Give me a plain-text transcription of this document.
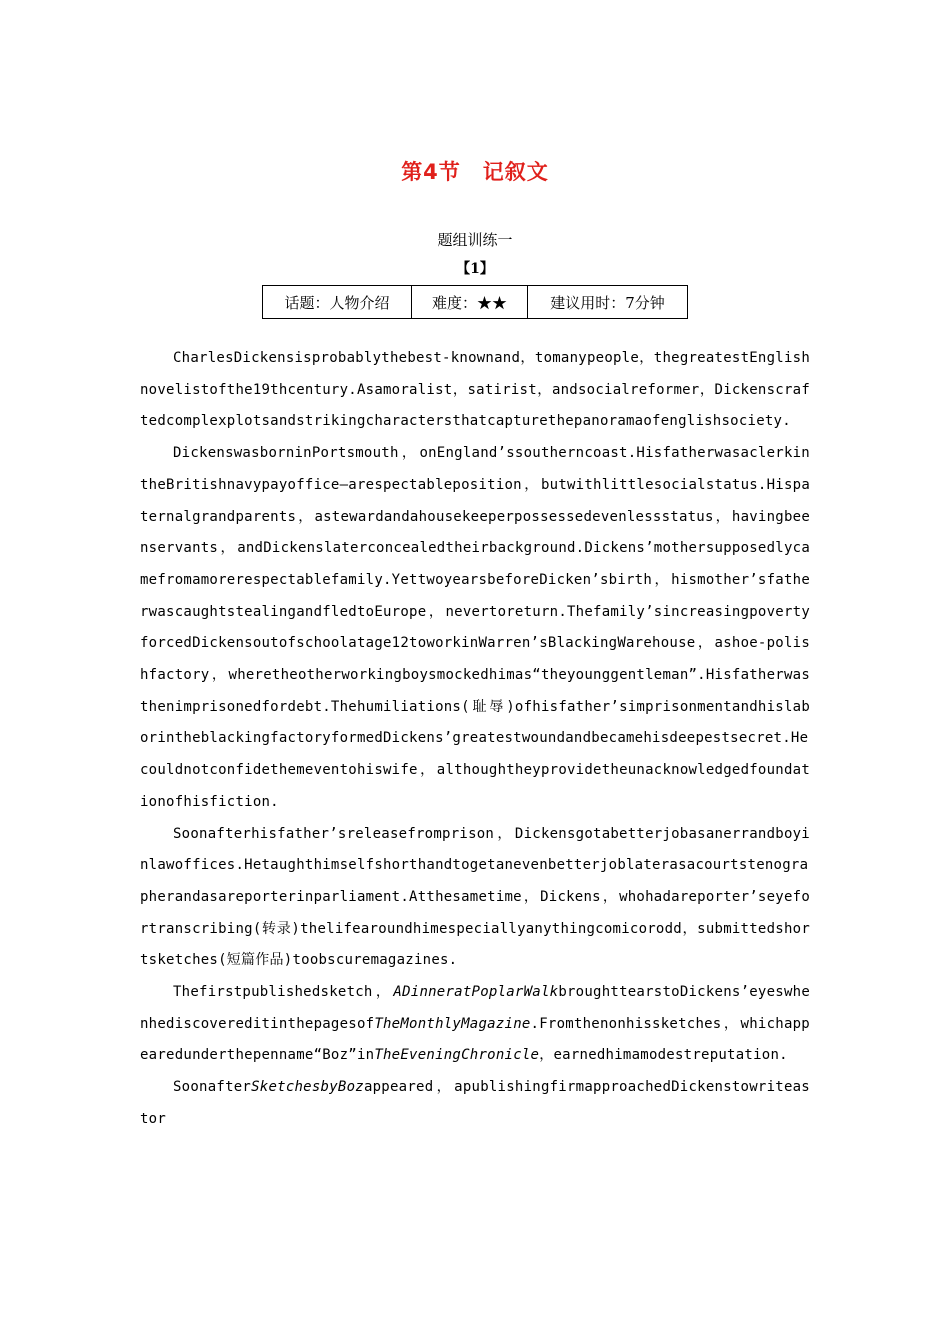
第4节　记叙文
题组训练一
【1】
话题：人物介绍	难度：★★	建议用时：7分钟

CharlesDickensisprobablythebest-knownand，tomanypeople，thegreatestEnglishnovelistofthe19thcentury.Asamoralist，satirist，andsocialreformer，Dickenscraftedcomplexplotsandstrikingcharactersthatcapturethepanoramaofenglishsociety.

DickenswasborninPortsmouth，onEngland’ssoutherncoast.HisfatherwasaclerkintheBritishnavypayoffice—arespectableposition，butwithlittlesocialstatus.Hispaternalgrandparents，astewardandahousekeeperpossessedevenlessstatus，havingbeenservants，andDickenslaterconcealedtheirbackground.Dickens’mothersupposedlycamefromamorerespectablefamily.YettwoyearsbeforeDicken’sbirth，hismother’sfatherwascaughtstealingandfledtoEurope，nevertoreturn.Thefamily’sincreasingpovertyforcedDickensoutofschoolatage12toworkinWarren’sBlackingWarehouse，ashoe-polishfactory，wheretheotherworkingboysmockedhimas“theyounggentleman”.Hisfatherwasthenimprisonedfordebt.Thehumiliations(耻辱)ofhisfather’simprisonmentandhislaborintheblackingfactoryformedDickens’greatestwoundandbecamehisdeepestsecret.Hecouldnotconfidethemeventohiswife，althoughtheyprovidetheunacknowledgedfoundationofhisfiction.

Soonafterhisfather’sreleasefromprison，Dickensgotabetterjobasanerrandboyinlawoffices.Hetaughthimselfshorthandtogetanevenbetterjoblaterasacourtstenographerandasareporterinparliament.Atthesametime，Dickens，whohadareporter’seyefortranscribing(转录)thelifearoundhimespeciallyanythingcomicorodd，submittedshortsketches(短篇作品)toobscuremagazines.

Thefirstpublishedsketch，ADinneratPoplarWalkbroughttearstoDickens’eyeswhenhediscovereditinthepagesofTheMonthlyMagazine.Fromthenonhissketches，whichappearedunderthepenname“Boz”inTheEveningChronicle，earnedhimamodestreputation.

SoonafterSketchesbyBozappeared，apublishingfirmapproachedDickenstowriteastor
